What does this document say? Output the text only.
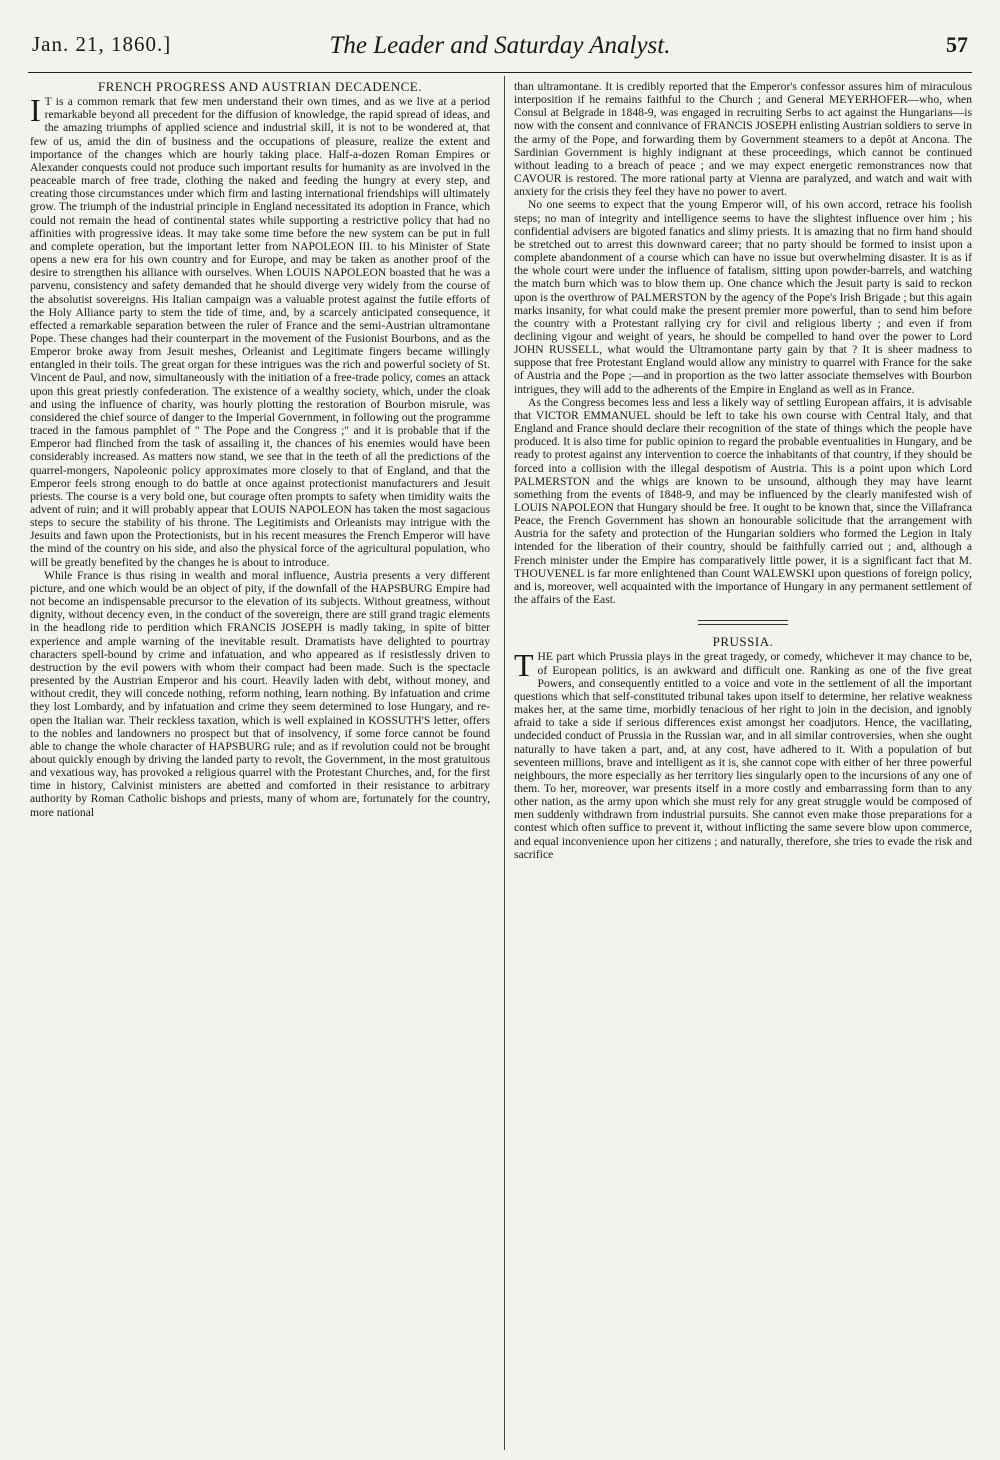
Jan. 21, 1860.]	The Leader and Saturday Analyst.	57
FRENCH PROGRESS AND AUSTRIAN DECADENCE.

I T is a common remark that few men understand their own times, and as we live at a period remarkable beyond all precedent for the diffusion of knowledge, the rapid spread of ideas, and the amazing triumphs of applied science and industrial skill, it is not to be wondered at, that few of us, amid the din of business and the occupations of pleasure, realize the extent and importance of the changes which are hourly taking place. Half-a-dozen Roman Empires or Alexander conquests could not produce such important results for humanity as are involved in the peaceable march of free trade, clothing the naked and feeding the hungry at every step, and creating those circumstances under which firm and lasting international friendships will ultimately grow. The triumph of the industrial principle in England necessitated its adoption in France, which could not remain the head of continental states while supporting a restrictive policy that had no affinities with progressive ideas. It may take some time before the new system can be put in full and complete operation, but the important letter from NAPOLEON III. to his Minister of State opens a new era for his own country and for Europe, and may be taken as another proof of the desire to strengthen his alliance with ourselves. When LOUIS NAPOLEON boasted that he was a parvenu, consistency and safety demanded that he should diverge very widely from the course of the absolutist sovereigns. His Italian campaign was a valuable protest against the futile efforts of the Holy Alliance party to stem the tide of time, and, by a scarcely anticipated consequence, it effected a remarkable separation between the ruler of France and the semi-Austrian ultramontane Pope. These changes had their counterpart in the movement of the Fusionist Bourbons, and as the Emperor broke away from Jesuit meshes, Orleanist and Legitimate fingers became willingly entangled in their toils. The great organ for these intrigues was the rich and powerful society of St. Vincent de Paul, and now, simultaneously with the initiation of a free-trade policy, comes an attack upon this great priestly confederation. The existence of a wealthy society, which, under the cloak and using the influence of charity, was hourly plotting the restoration of Bourbon misrule, was considered the chief source of danger to the Imperial Government, in following out the programme traced in the famous pamphlet of " The Pope and the Congress ;" and it is probable that if the Emperor had flinched from the task of assailing it, the chances of his enemies would have been considerably increased. As matters now stand, we see that in the teeth of all the predictions of the quarrel-mongers, Napoleonic policy approximates more closely to that of England, and that the Emperor feels strong enough to do battle at once against protectionist manufacturers and Jesuit priests. The course is a very bold one, but courage often prompts to safety when timidity waits the advent of ruin; and it will probably appear that LOUIS NAPOLEON has taken the most sagacious steps to secure the stability of his throne. The Legitimists and Orleanists may intrigue with the Jesuits and fawn upon the Protectionists, but in his recent measures the French Emperor will have the mind of the country on his side, and also the physical force of the agricultural population, who will be greatly benefited by the changes he is about to introduce.

While France is thus rising in wealth and moral influence, Austria presents a very different picture, and one which would be an object of pity, if the downfall of the HAPSBURG Empire had not become an indispensable precursor to the elevation of its subjects. Without greatness, without dignity, without decency even, in the conduct of the sovereign, there are still grand tragic elements in the headlong ride to perdition which FRANCIS JOSEPH is madly taking, in spite of bitter experience and ample warning of the inevitable result. Dramatists have delighted to pourtray characters spell-bound by crime and infatuation, and who appeared as if resistlessly driven to destruction by the evil powers with whom their compact had been made. Such is the spectacle presented by the Austrian Emperor and his court. Heavily laden with debt, without money, and without credit, they will concede nothing, reform nothing, learn nothing. By infatuation and crime they lost Lombardy, and by infatuation and crime they seem determined to lose Hungary, and re-open the Italian war. Their reckless taxation, which is well explained in KOSSUTH'S letter, offers to the nobles and landowners no prospect but that of insolvency, if some force cannot be found able to change the whole character of HAPSBURG rule; and as if revolution could not be brought about quickly enough by driving the landed party to revolt, the Government, in the most gratuitous and vexatious way, has provoked a religious quarrel with the Protestant Churches, and, for the first time in history, Calvinist ministers are abetted and comforted in their resistance to arbitrary authority by Roman Catholic bishops and priests, many of whom are, fortunately for the country, more national

than ultramontane. It is credibly reported that the Emperor's confessor assures him of miraculous interposition if he remains faithful to the Church ; and General MEYERHOFER—who, when Consul at Belgrade in 1848-9, was engaged in recruiting Serbs to act against the Hungarians—is now with the consent and connivance of FRANCIS JOSEPH enlisting Austrian soldiers to serve in the army of the Pope, and forwarding them by Government steamers to a depôt at Ancona. The Sardinian Government is highly indignant at these proceedings, which cannot be continued without leading to a breach of peace ; and we may expect energetic remonstrances now that CAVOUR is restored. The more rational party at Vienna are paralyzed, and watch and wait with anxiety for the crisis they feel they have no power to avert.

No one seems to expect that the young Emperor will, of his own accord, retrace his foolish steps; no man of integrity and intelligence seems to have the slightest influence over him ; his confidential advisers are bigoted fanatics and slimy priests. It is amazing that no firm hand should be stretched out to arrest this downward career; that no party should be formed to insist upon a complete abandonment of a course which can have no issue but overwhelming disaster. It is as if the whole court were under the influence of fatalism, sitting upon powder-barrels, and watching the match burn which was to blow them up. One chance which the Jesuit party is said to reckon upon is the overthrow of PALMERSTON by the agency of the Pope's Irish Brigade ; but this again marks insanity, for what could make the present premier more powerful, than to send him before the country with a Protestant rallying cry for civil and religious liberty ; and even if from declining vigour and weight of years, he should be compelled to hand over the power to Lord JOHN RUSSELL, what would the Ultramontane party gain by that ? It is sheer madness to suppose that free Protestant England would allow any ministry to quarrel with France for the sake of Austria and the Pope ;—and in proportion as the two latter associate themselves with Bourbon intrigues, they will add to the adherents of the Empire in England as well as in France.

As the Congress becomes less and less a likely way of settling European affairs, it is advisable that VICTOR EMMANUEL should be left to take his own course with Central Italy, and that England and France should declare their recognition of the state of things which the people have produced. It is also time for public opinion to regard the probable eventualities in Hungary, and be ready to protest against any intervention to coerce the inhabitants of that country, if they should be forced into a collision with the illegal despotism of Austria. This is a point upon which Lord PALMERSTON and the whigs are known to be unsound, although they may have learnt something from the events of 1848-9, and may be influenced by the clearly manifested wish of LOUIS NAPOLEON that Hungary should be free. It ought to be known that, since the Villafranca Peace, the French Government has shown an honourable solicitude that the arrangement with Austria for the safety and protection of the Hungarian soldiers who formed the Legion in Italy intended for the liberation of their country, should be faithfully carried out ; and, although a French minister under the Empire has comparatively little power, it is a significant fact that M. THOUVENEL is far more enlightened than Count WALEWSKI upon questions of foreign policy, and is, moreover, well acquainted with the importance of Hungary in any permanent settlement of the affairs of the East.

PRUSSIA.

THE part which Prussia plays in the great tragedy, or comedy, whichever it may chance to be, of European politics, is an awkward and difficult one. Ranking as one of the five great Powers, and consequently entitled to a voice and vote in the settlement of all the important questions which that self-constituted tribunal takes upon itself to determine, her relative weakness makes her, at the same time, morbidly tenacious of her right to join in the decision, and ignobly afraid to take a side if serious differences exist amongst her coadjutors. Hence, the vacillating, undecided conduct of Prussia in the Russian war, and in all similar controversies, when she ought naturally to have taken a part, and, at any cost, have adhered to it. With a population of but seventeen millions, brave and intelligent as it is, she cannot cope with either of her three powerful neighbours, the more especially as her territory lies singularly open to the incursions of any one of them. To her, moreover, war presents itself in a more costly and embarrassing form than to any other nation, as the army upon which she must rely for any great struggle would be composed of men suddenly withdrawn from industrial pursuits. She cannot even make those preparations for a contest which often suffice to prevent it, without inflicting the same severe blow upon commerce, and equal inconvenience upon her citizens ; and naturally, therefore, she tries to evade the risk and sacrifice
